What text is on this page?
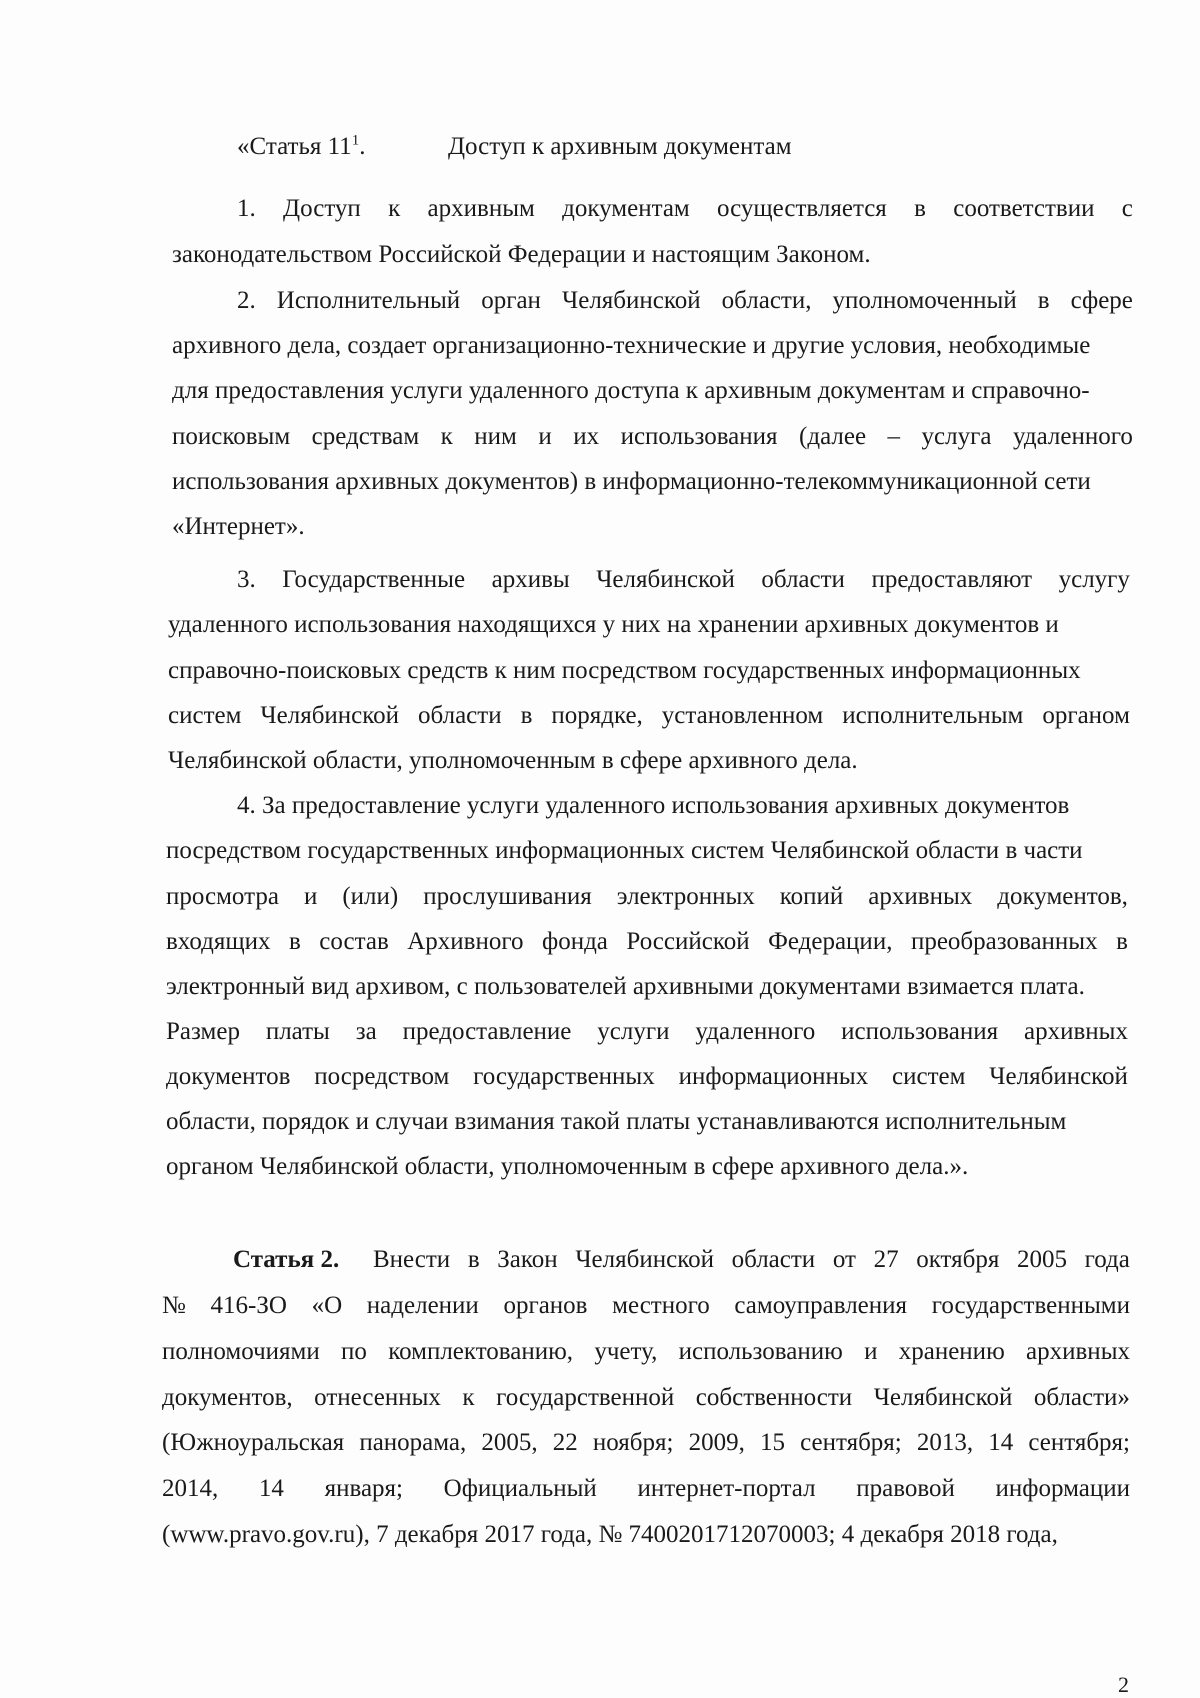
«Статья $11^1$.	Доступ к архивным документам
1. Доступ к архивным документам осуществляется в соответствии с
законодательством Российской Федерации и настоящим Законом.
2. Исполнительный орган Челябинской области, уполномоченный в сфере
архивного дела, создает организационно-технические и другие условия, необходимые
для предоставления услуги удаленного доступа к архивным документам и справочно-
поисковым средствам к ним и их использования (далее – услуга удаленного
использования архивных документов) в информационно-телекоммуникационной сети
«Интернет».
3. Государственные архивы Челябинской области предоставляют услугу
удаленного использования находящихся у них на хранении архивных документов и
справочно-поисковых средств к ним посредством государственных информационных
систем Челябинской области в порядке, установленном исполнительным органом
Челябинской области, уполномоченным в сфере архивного дела.
4. За предоставление услуги удаленного использования архивных документов
посредством государственных информационных систем Челябинской области в части
просмотра и (или) прослушивания электронных копий архивных документов,
входящих в состав Архивного фонда Российской Федерации, преобразованных в
электронный вид архивом, с пользователей архивными документами взимается плата.
Размер платы за предоставление услуги удаленного использования архивных
документов посредством государственных информационных систем Челябинской
области, порядок и случаи взимания такой платы устанавливаются исполнительным
органом Челябинской области, уполномоченным в сфере архивного дела.».
Статья 2. Внести в Закон Челябинской области от 27 октября 2005 года
№ 416-ЗО «О наделении органов местного самоуправления государственными
полномочиями по комплектованию, учету, использованию и хранению архивных
документов, отнесенных к государственной собственности Челябинской области»
(Южноуральская панорама, 2005, 22 ноября; 2009, 15 сентября; 2013, 14 сентября;
2014, 14 января; Официальный интернет-портал правовой информации
(www.pravo.gov.ru), 7 декабря 2017 года, № 7400201712070003; 4 декабря 2018 года,
2
